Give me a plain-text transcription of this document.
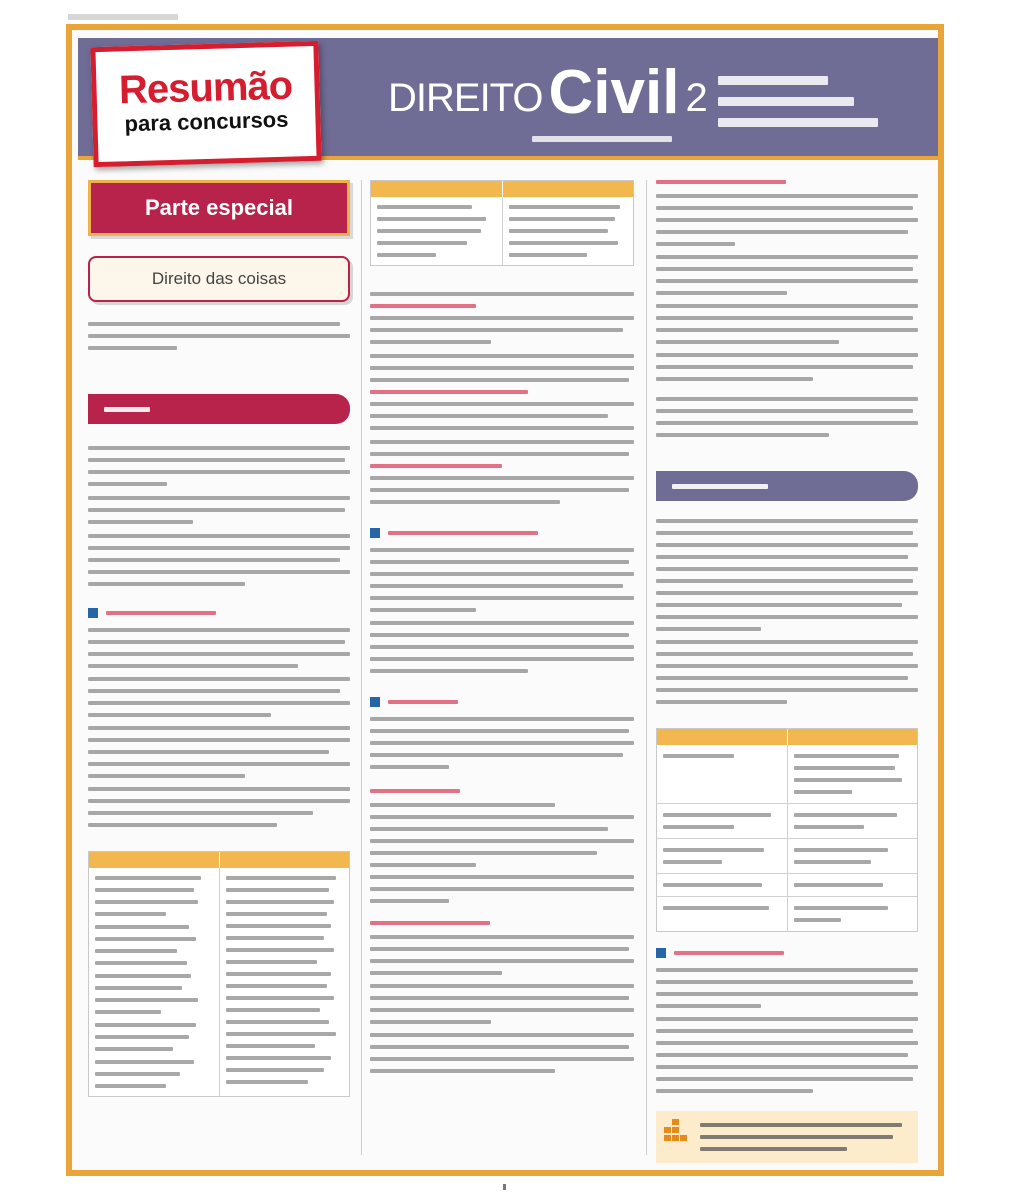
DIREITOCivil 2
Resumão
para concursos
Parte especial
Direito das coisas
